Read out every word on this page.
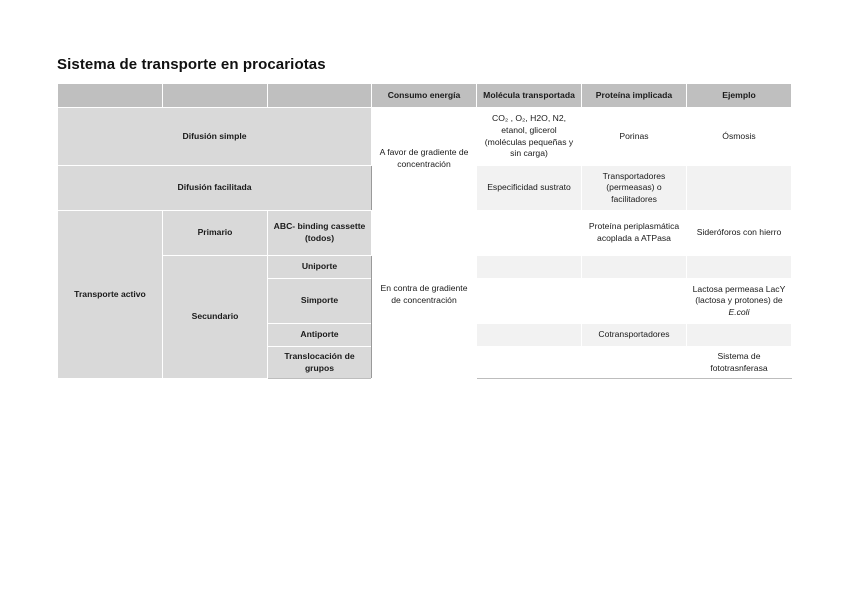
Sistema de transporte en procariotas
			Consumo energía	Molécula transportada	Proteína implicada	Ejemplo
Difusión simple			A favor de gradiente de concentración	CO₂ , O₂, H2O, N2, etanol, glicerol (moléculas pequeñas y sin carga)	Porinas	Ósmosis
Difusión facilitada				Especificidad sustrato	Transportadores (permeasas) o facilitadores	
Transporte activo	Primario	ABC- binding cassette (todos)	En contra de gradiente de concentración		Proteína periplasmática acoplada a ATPasa	Sideróforos con hierro
	Secundario	Uniporte				
		Simporte				Lactosa permeasa LacY (lactosa y protones) de E.coli
		Antiporte			Cotransportadores	
		Translocación de grupos				Sistema de fototrasnferasa
